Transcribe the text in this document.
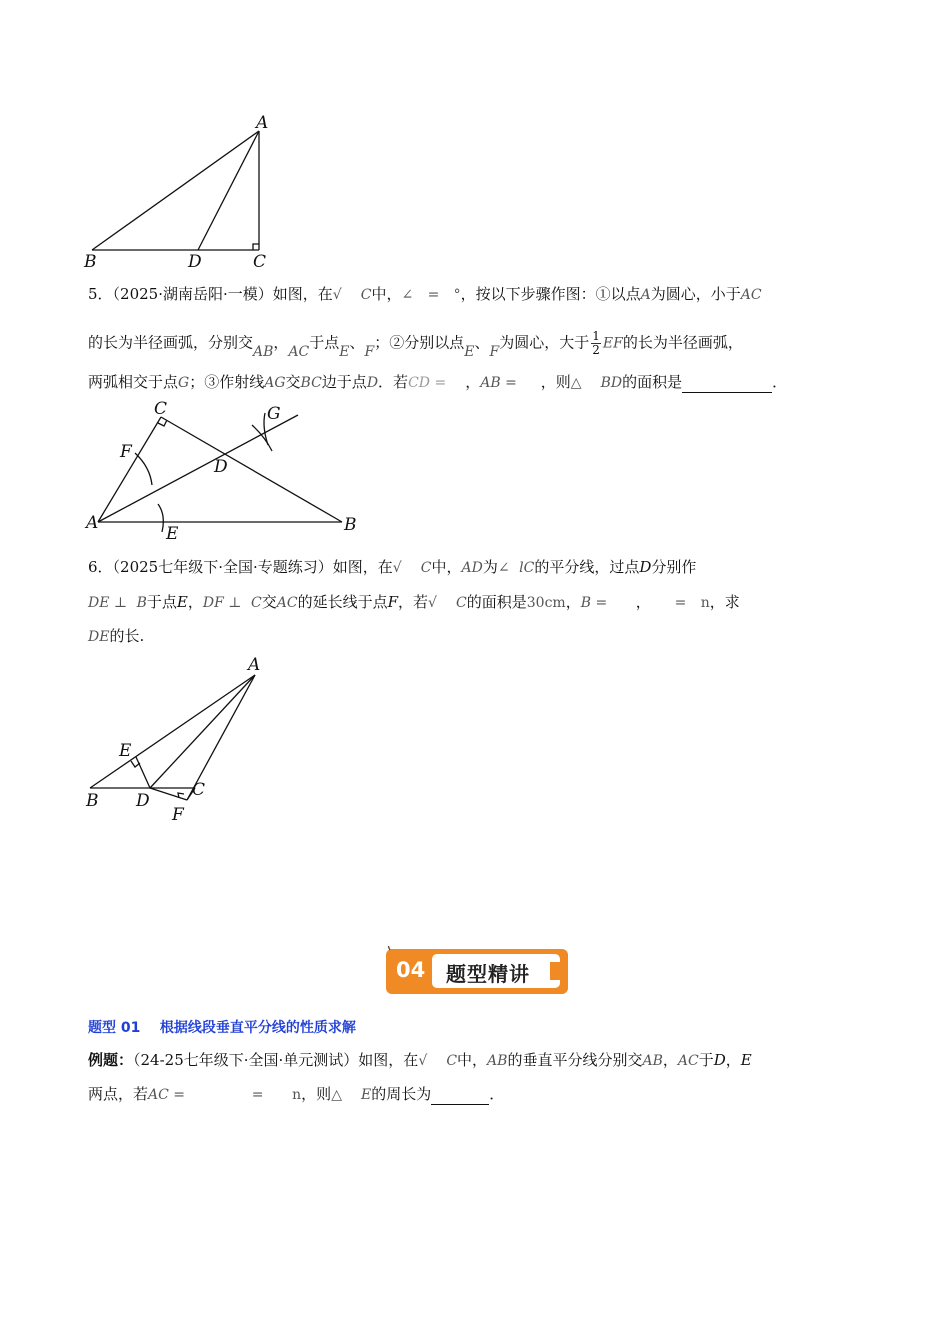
A
B	D	C
5．（2025·湖南岳阳·一模）如图，在√ C中，∠ = °，按以下步骤作图：①以点A为圆心，小于AC
的长为半径画弧，分别交AB，AC于点E、F；②分别以点E、F为圆心，大于 $\frac{1}{2}$ EF的长为半径画弧，
两弧相交于点G；③作射线AG交BC边于点D．若CD = ，AB = ，则△ BD的面积是	．
C	G
F
D
A
E	B
6．（2025七年级下·全国·专题练习）如图，在√ C中，AD为∠ lC的平分线，过点D分别作
DE ⊥ B于点E，DF ⊥ C交AC的延长线于点F，若√ C的面积是30cm，B = ， = n，求
DE的长.
A
E
B D
C
F
04 题型精讲
题型 01 根据线段垂直平分线的性质求解
例题：（24-25七年级下·全国·单元测试）如图，在√ C中，AB的垂直平分线分别交AB，AC于D，E
两点，若AC =	= n，则△ E的周长为	．
